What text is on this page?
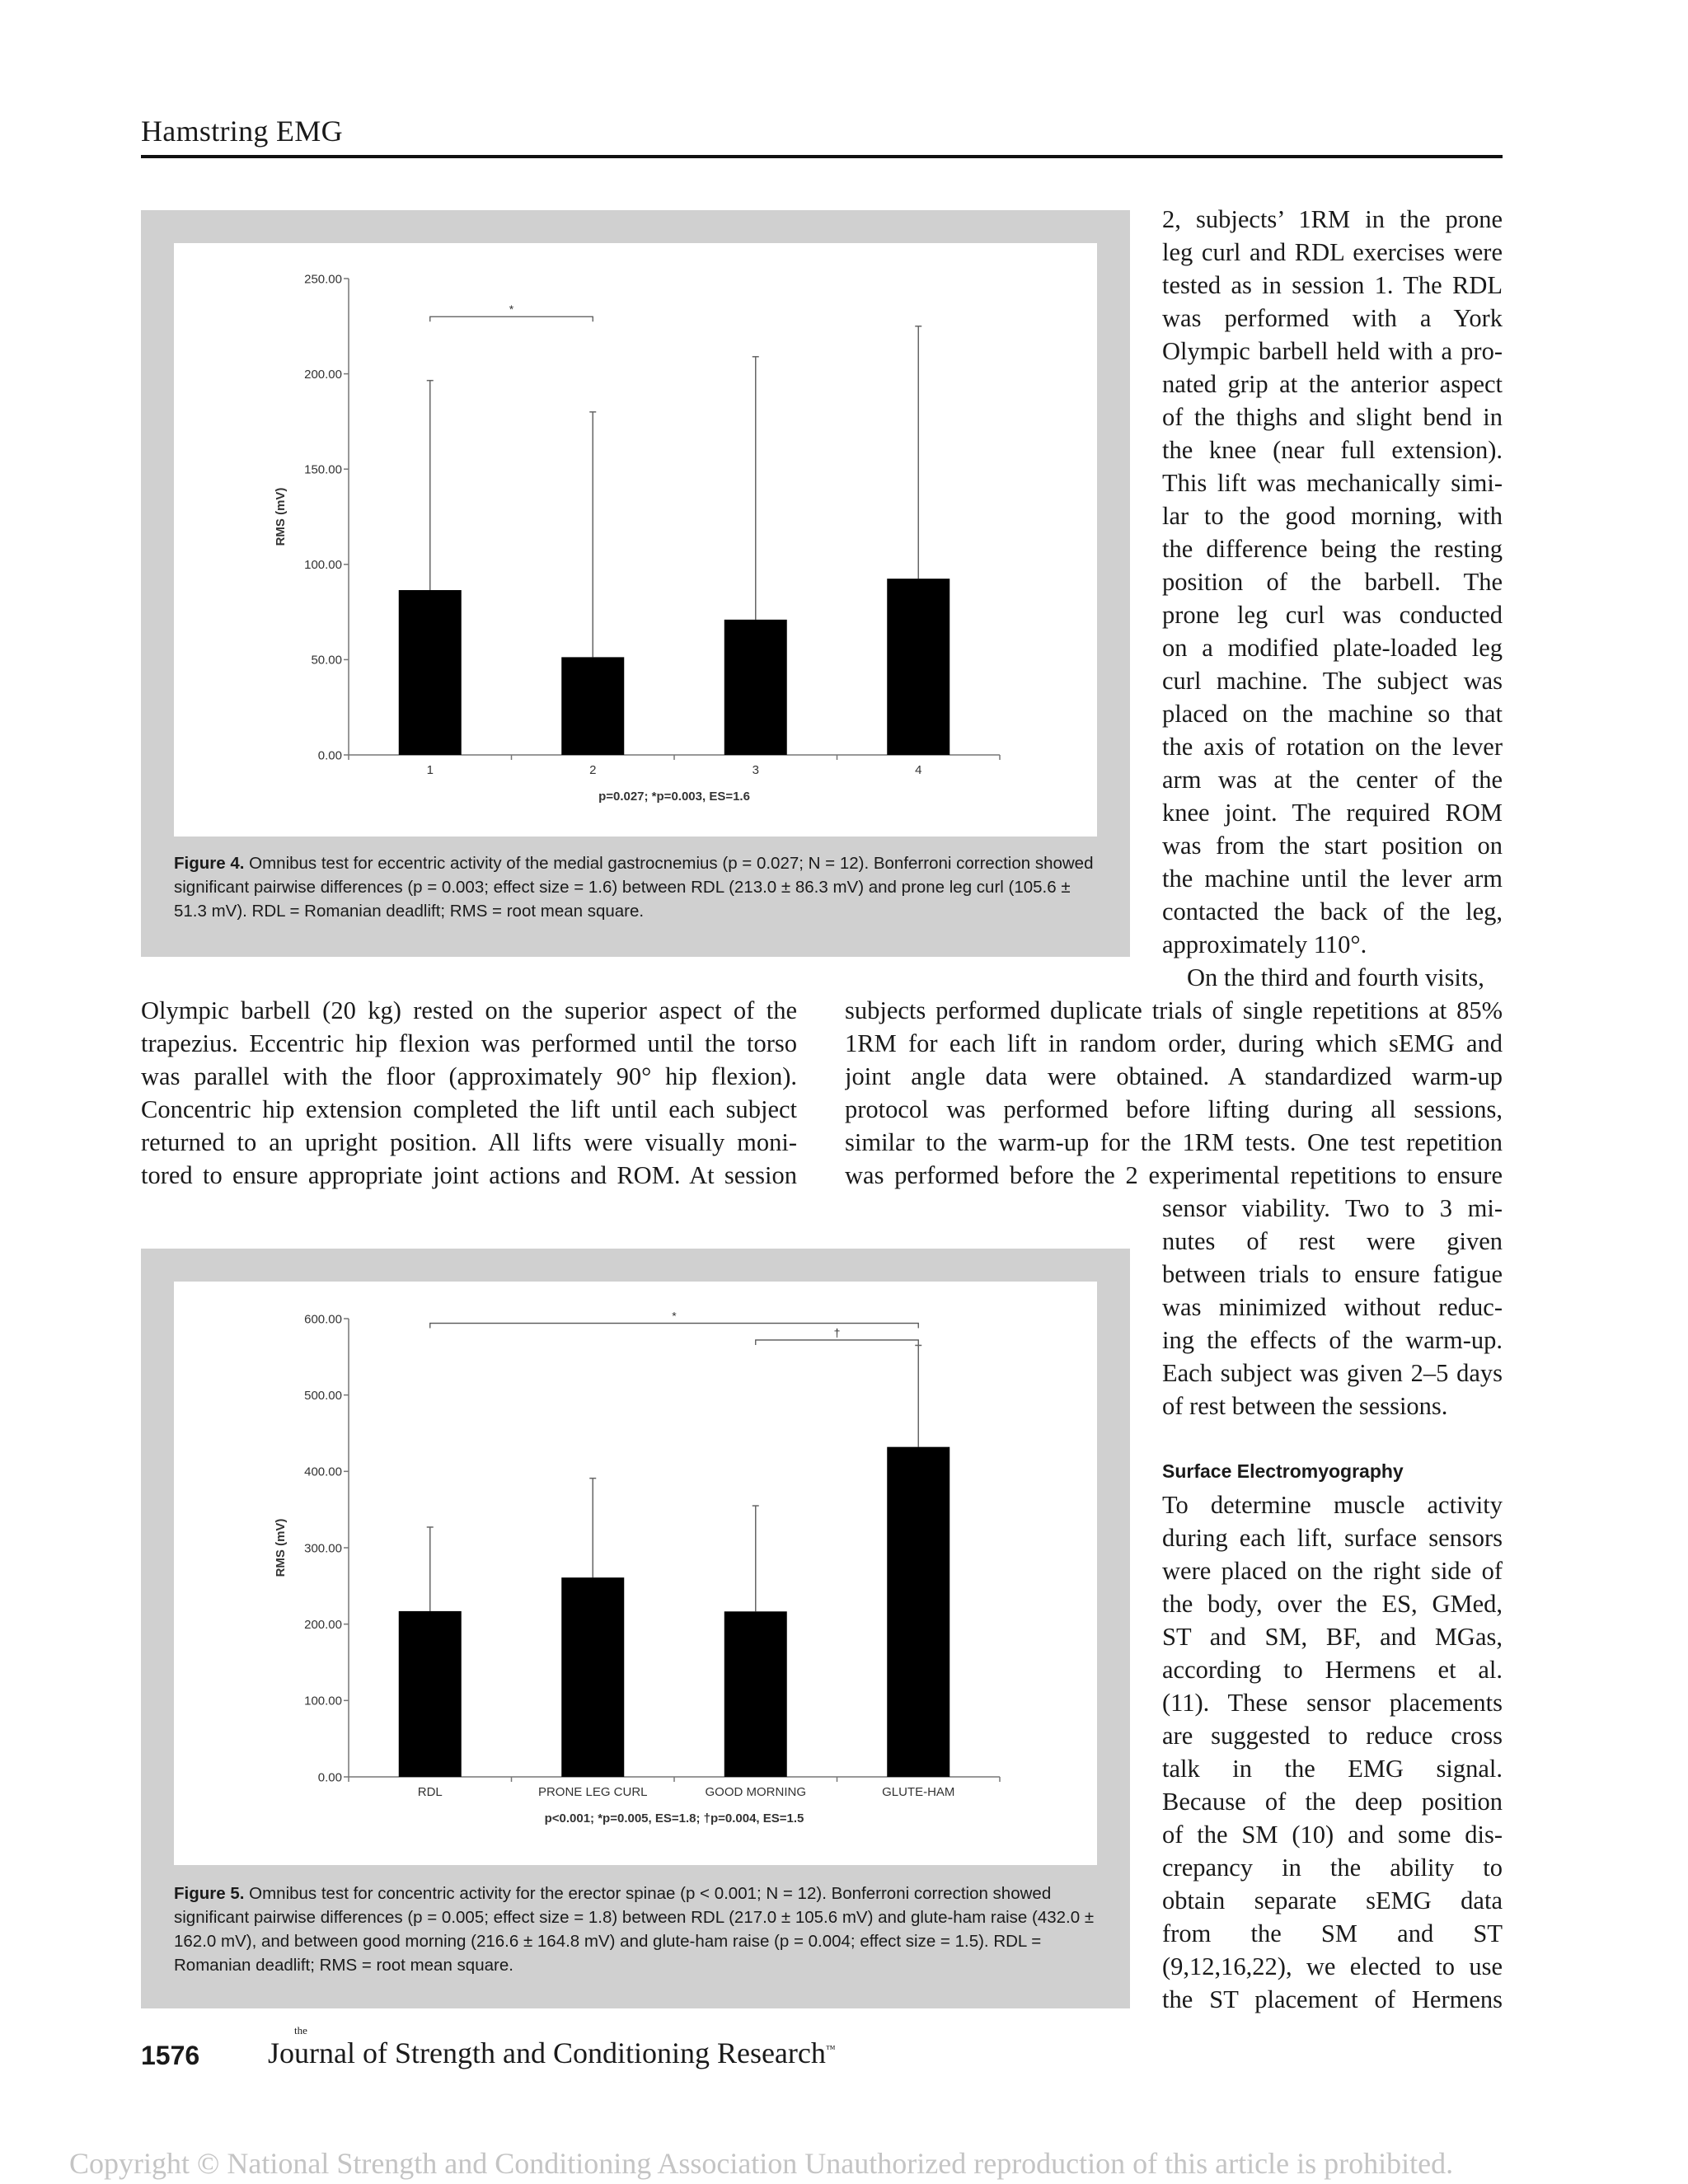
Hamstring EMG
0.00
50.00
100.00
150.00
200.00
250.00
1	2	3	4
*
RMS (mV)
p=0.027; *p=0.003, ES=1.6
Figure 4. Omnibus test for eccentric activity of the medial gastrocnemius (p = 0.027; N = 12). Bonferroni correction showed significant pairwise differences (p = 0.003; effect size = 1.6) between RDL (213.0 ± 86.3 mV) and prone leg curl (105.6 ± 51.3 mV). RDL = Romanian deadlift; RMS = root mean square.
0.00
100.00
200.00
300.00
400.00
500.00
600.00
RDL	PRONE LEG CURL	GOOD MORNING	GLUTE-HAM
*
†
RMS (mV)
p<0.001; *p=0.005, ES=1.8; †p=0.004, ES=1.5
Figure 5. Omnibus test for concentric activity for the erector spinae (p < 0.001; N = 12). Bonferroni correction showed significant pairwise differences (p = 0.005; effect size = 1.8) between RDL (217.0 ± 105.6 mV) and glute-ham raise (432.0 ± 162.0 mV), and between good morning (216.6 ± 164.8 mV) and glute-ham raise (p = 0.004; effect size = 1.5). RDL = Romanian deadlift; RMS = root mean square.
2, subjects’ 1RM in the prone
leg curl and RDL exercises were
tested as in session 1. The RDL
was performed with a York
Olympic barbell held with a pro-
nated grip at the anterior aspect
of the thighs and slight bend in
the knee (near full extension).
This lift was mechanically simi-
lar to the good morning, with
the difference being the resting
position of the barbell. The
prone leg curl was conducted
on a modified plate-loaded leg
curl machine. The subject was
placed on the machine so that
the axis of rotation on the lever
arm was at the center of the
knee joint. The required ROM
was from the start position on
the machine until the lever arm
contacted the back of the leg,
approximately 110°.
On the third and fourth visits,
Olympic barbell (20 kg) rested on the superior aspect of the
trapezius. Eccentric hip flexion was performed until the torso
was parallel with the floor (approximately 90° hip flexion).
Concentric hip extension completed the lift until each subject
returned to an upright position. All lifts were visually moni-
tored to ensure appropriate joint actions and ROM. At session
subjects performed duplicate trials of single repetitions at 85%
1RM for each lift in random order, during which sEMG and
joint angle data were obtained. A standardized warm-up
protocol was performed before lifting during all sessions,
similar to the warm-up for the 1RM tests. One test repetition
was performed before the 2 experimental repetitions to ensure
sensor viability. Two to 3 mi-
nutes of rest were given
between trials to ensure fatigue
was minimized without reduc-
ing the effects of the warm-up.
Each subject was given 2–5 days
of rest between the sessions.
Surface Electromyography
To determine muscle activity
during each lift, surface sensors
were placed on the right side of
the body, over the ES, GMed,
ST and SM, BF, and MGas,
according to Hermens et al.
(11). These sensor placements
are suggested to reduce cross
talk in the EMG signal.
Because of the deep position
of the SM (10) and some dis-
crepancy in the ability to
obtain separate sEMG data
from the SM and ST
(9,12,16,22), we elected to use
the ST placement of Hermens
1576
the
Journal of Strength and Conditioning Research™
Copyright © National Strength and Conditioning Association Unauthorized reproduction of this article is prohibited.
